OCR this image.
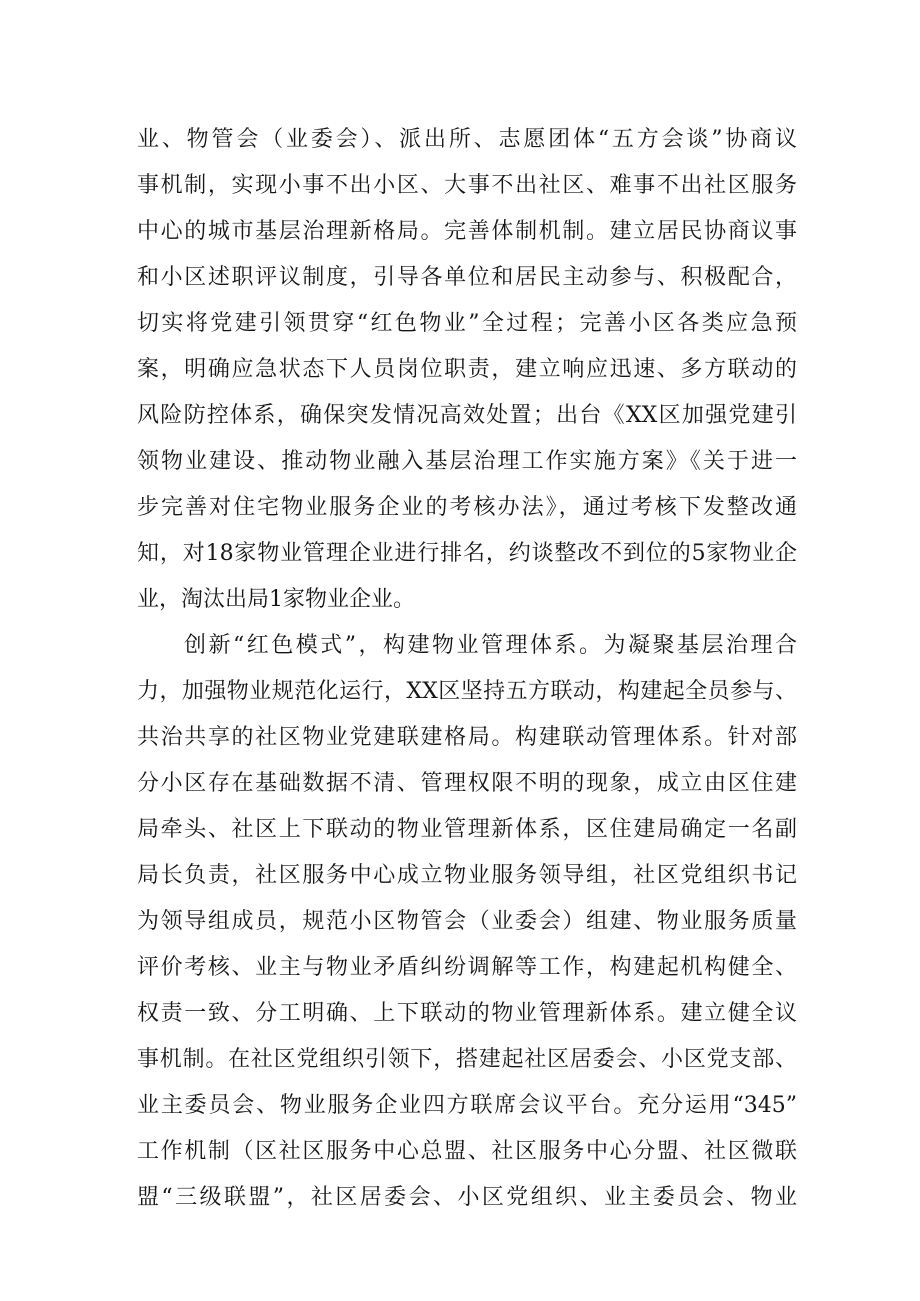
业、物管会（业委会）、派出所、志愿团体“五方会谈”协商议
事机制，实现小事不出小区、大事不出社区、难事不出社区服务
中心的城市基层治理新格局。完善体制机制。建立居民协商议事
和小区述职评议制度，引导各单位和居民主动参与、积极配合，
切实将党建引领贯穿“红色物业”全过程；完善小区各类应急预
案，明确应急状态下人员岗位职责，建立响应迅速、多方联动的
风险防控体系，确保突发情况高效处置；出台《XX区加强党建引
领物业建设、推动物业融入基层治理工作实施方案》《关于进一
步完善对住宅物业服务企业的考核办法》，通过考核下发整改通
知，对18家物业管理企业进行排名，约谈整改不到位的5家物业企
业，淘汰出局1家物业企业。
创新“红色模式”，构建物业管理体系。为凝聚基层治理合
力，加强物业规范化运行，XX区坚持五方联动，构建起全员参与、
共治共享的社区物业党建联建格局。构建联动管理体系。针对部
分小区存在基础数据不清、管理权限不明的现象，成立由区住建
局牵头、社区上下联动的物业管理新体系，区住建局确定一名副
局长负责，社区服务中心成立物业服务领导组，社区党组织书记
为领导组成员，规范小区物管会（业委会）组建、物业服务质量
评价考核、业主与物业矛盾纠纷调解等工作，构建起机构健全、
权责一致、分工明确、上下联动的物业管理新体系。建立健全议
事机制。在社区党组织引领下，搭建起社区居委会、小区党支部、
业主委员会、物业服务企业四方联席会议平台。充分运用“345”
工作机制（区社区服务中心总盟、社区服务中心分盟、社区微联
盟“三级联盟”，社区居委会、小区党组织、业主委员会、物业
